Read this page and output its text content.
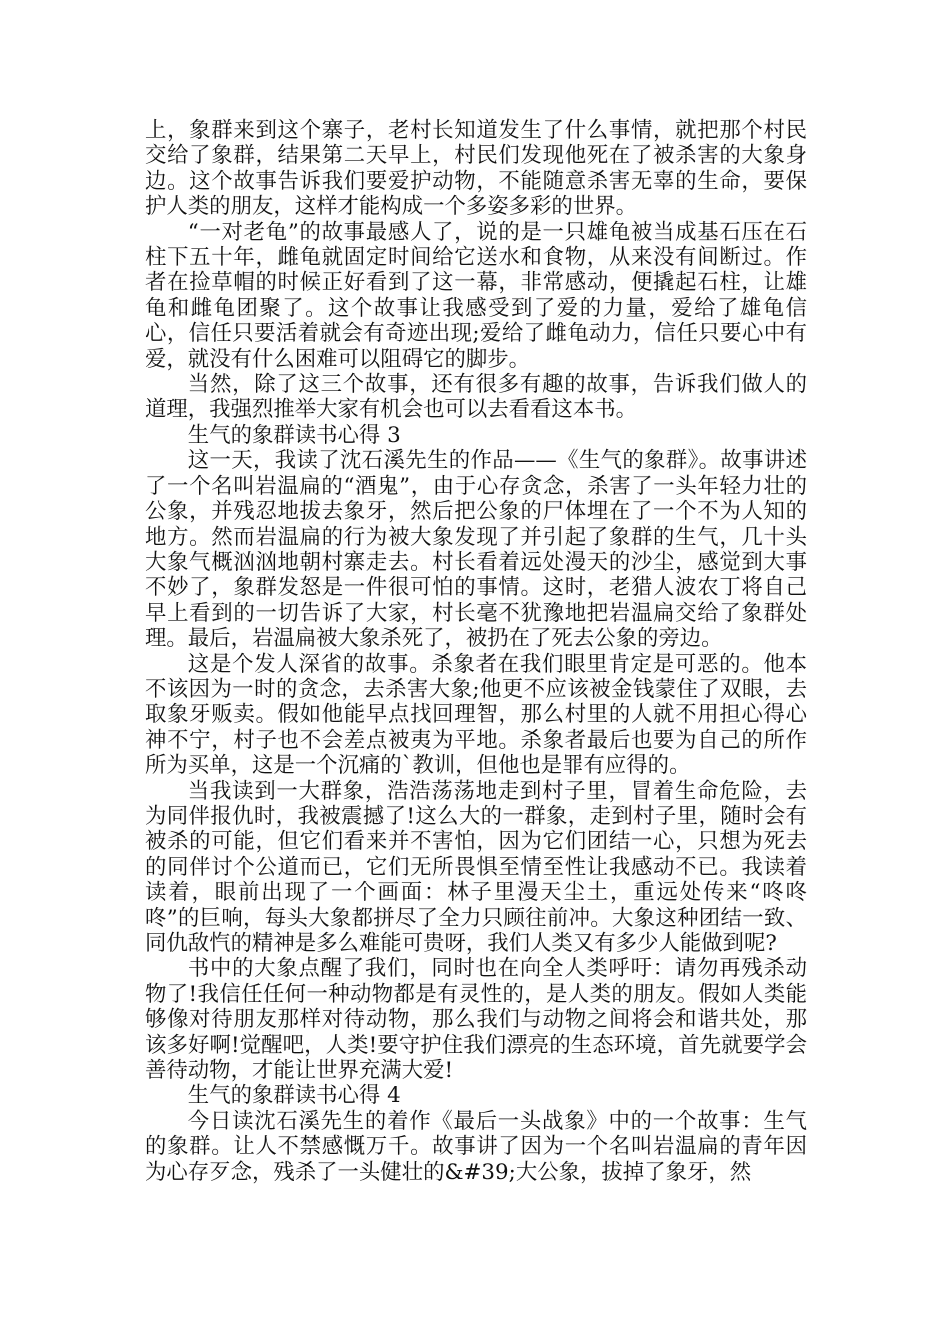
上，象群来到这个寨子，老村长知道发生了什么事情，就把那个村民交给了象群，结果第二天早上，村民们发现他死在了被杀害的大象身边。这个故事告诉我们要爱护动物，不能随意杀害无辜的生命，要保护人类的朋友，这样才能构成一个多姿多彩的世界。

“一对老龟”的故事最感人了，说的是一只雄龟被当成基石压在石柱下五十年，雌龟就固定时间给它送水和食物，从来没有间断过。作者在捡草帽的时候正好看到了这一幕，非常感动，便撬起石柱，让雄龟和雌龟团聚了。这个故事让我感受到了爱的力量，爱给了雄龟信心，信任只要活着就会有奇迹出现;爱给了雌龟动力，信任只要心中有爱，就没有什么困难可以阻碍它的脚步。

当然，除了这三个故事，还有很多有趣的故事，告诉我们做人的道理，我强烈推举大家有机会也可以去看看这本书。

生气的象群读书心得 3

这一天，我读了沈石溪先生的作品——《生气的象群》。故事讲述了一个名叫岩温扁的“酒鬼”，由于心存贪念，杀害了一头年轻力壮的公象，并残忍地拔去象牙，然后把公象的尸体埋在了一个不为人知的地方。然而岩温扁的行为被大象发现了并引起了象群的生气，几十头大象气概汹汹地朝村寨走去。村长看着远处漫天的沙尘，感觉到大事不妙了，象群发怒是一件很可怕的事情。这时，老猎人波农丁将自己早上看到的一切告诉了大家，村长毫不犹豫地把岩温扁交给了象群处理。最后，岩温扁被大象杀死了，被扔在了死去公象的旁边。

这是个发人深省的故事。杀象者在我们眼里肯定是可恶的。他本不该因为一时的贪念，去杀害大象;他更不应该被金钱蒙住了双眼，去取象牙贩卖。假如他能早点找回理智，那么村里的人就不用担心得心神不宁，村子也不会差点被夷为平地。杀象者最后也要为自己的所作所为买单，这是一个沉痛的`教训，但他也是罪有应得的。

当我读到一大群象，浩浩荡荡地走到村子里，冒着生命危险，去为同伴报仇时，我被震撼了!这么大的一群象，走到村子里，随时会有被杀的可能，但它们看来并不害怕，因为它们团结一心，只想为死去的同伴讨个公道而已，它们无所畏惧至情至性让我感动不已。我读着读着，眼前出现了一个画面：林子里漫天尘土，重远处传来“咚咚咚”的巨响，每头大象都拼尽了全力只顾往前冲。大象这种团结一致、同仇敌忾的精神是多么难能可贵呀，我们人类又有多少人能做到呢?

书中的大象点醒了我们，同时也在向全人类呼吁：请勿再残杀动物了!我信任任何一种动物都是有灵性的，是人类的朋友。假如人类能够像对待朋友那样对待动物，那么我们与动物之间将会和谐共处，那该多好啊!觉醒吧，人类!要守护住我们漂亮的生态环境，首先就要学会善待动物，才能让世界充满大爱!

生气的象群读书心得 4

今日读沈石溪先生的着作《最后一头战象》中的一个故事：生气的象群。让人不禁感慨万千。故事讲了因为一个名叫岩温扁的青年因为心存歹念，残杀了一头健壮的&#39;大公象，拔掉了象牙，然
